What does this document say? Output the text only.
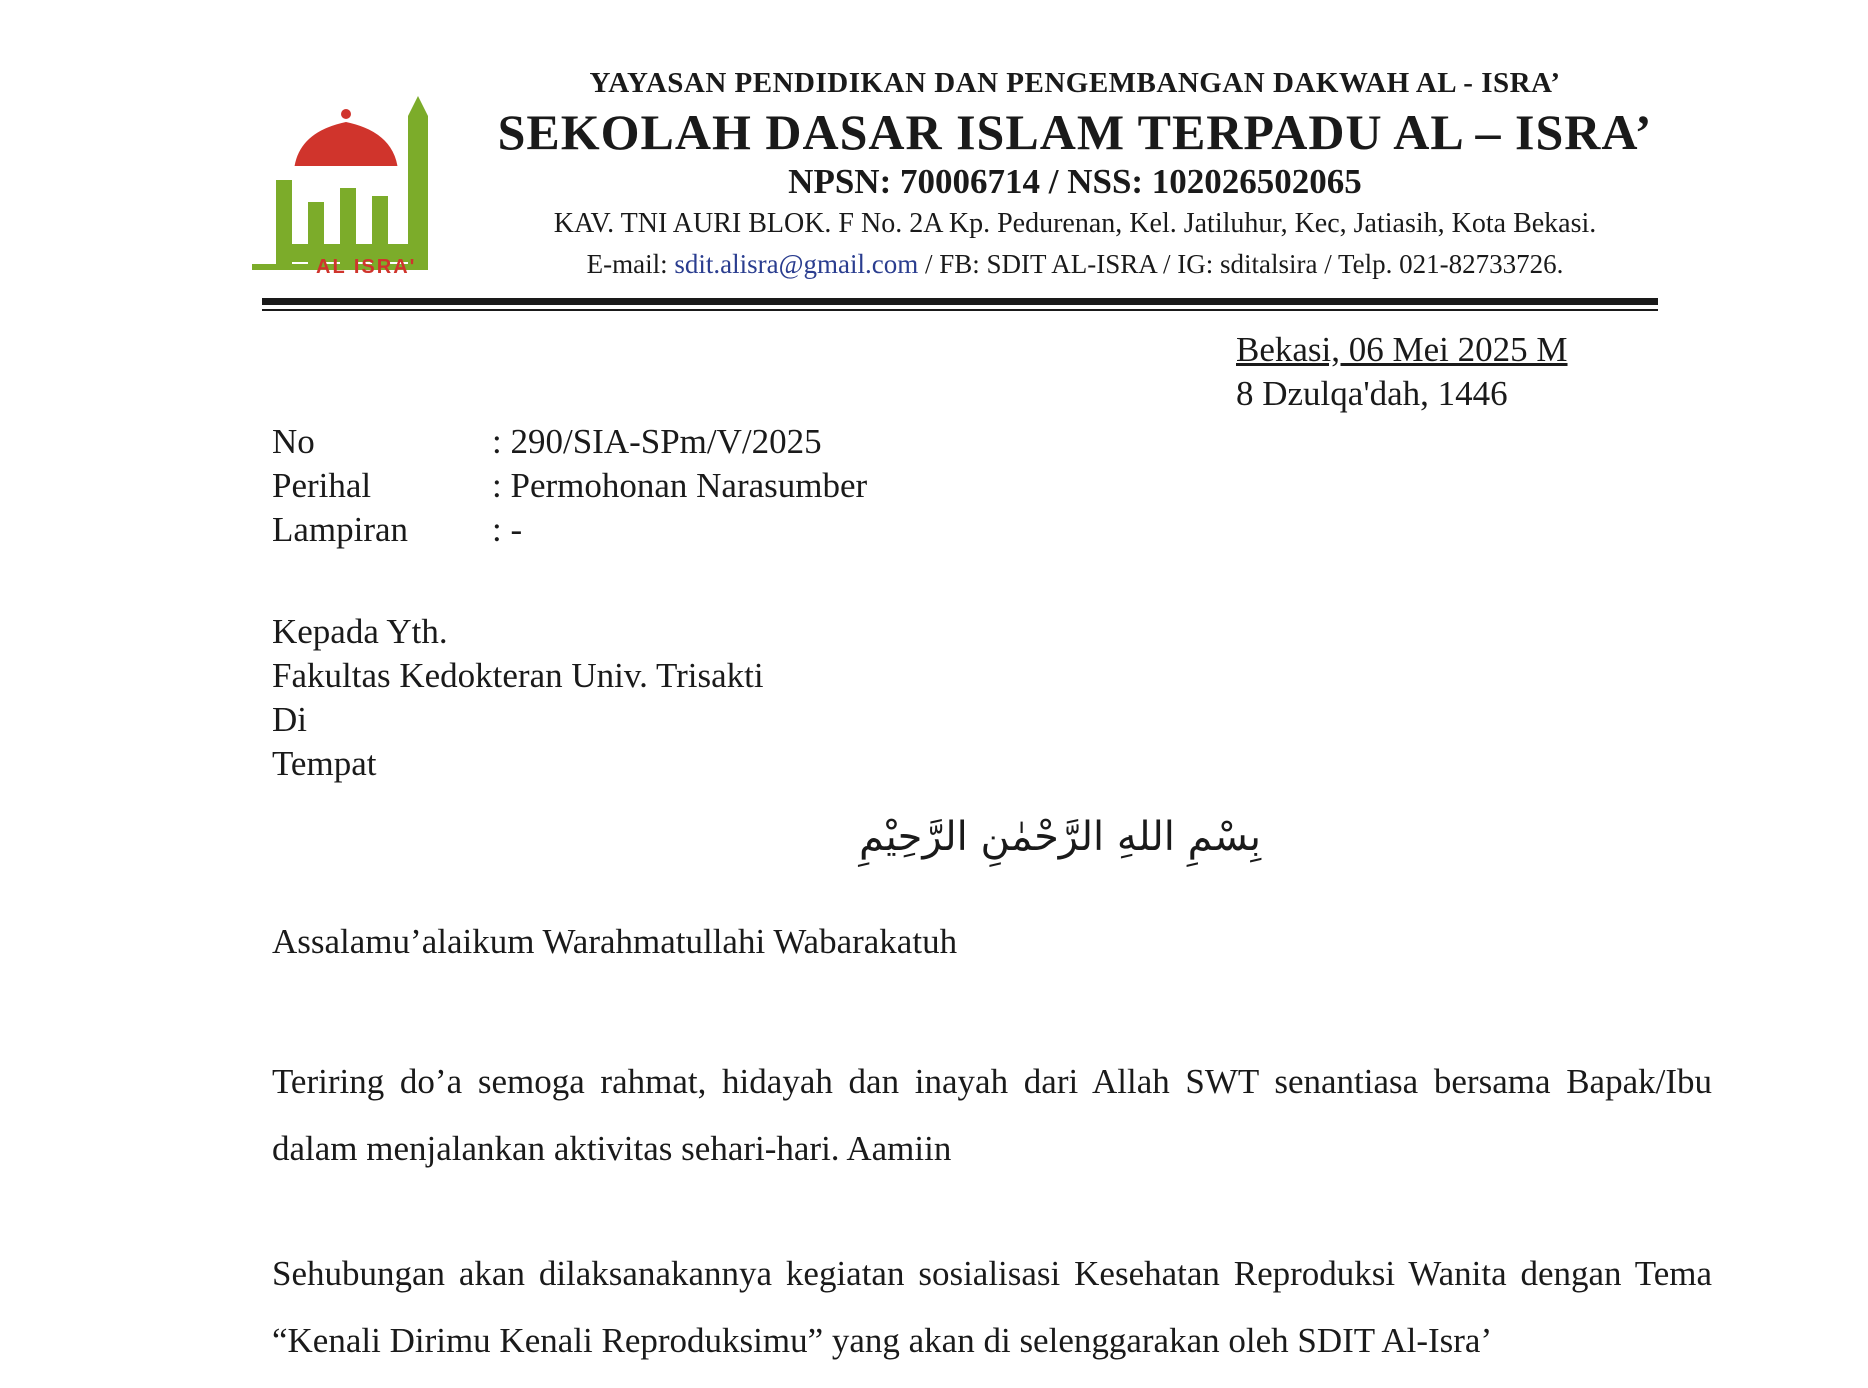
AL ISRA'
YAYASAN PENDIDIKAN DAN PENGEMBANGAN DAKWAH AL - ISRA’
SEKOLAH DASAR ISLAM TERPADU AL – ISRA’
NPSN: 70006714 / NSS: 102026502065
KAV. TNI AURI BLOK. F No. 2A Kp. Pedurenan, Kel. Jatiluhur, Kec, Jatiasih, Kota Bekasi.
E-mail: sdit.alisra@gmail.com / FB: SDIT AL-ISRA / IG: sditalsira / Telp. 021-82733726.
Bekasi, 06 Mei 2025 M
8 Dzulqa'dah, 1446
No	: 290/SIA-SPm/V/2025
Perihal	: Permohonan Narasumber
Lampiran	: -
Kepada Yth.
Fakultas Kedokteran Univ. Trisakti
Di
Tempat
بِسْمِ اللهِ الرَّحْمٰنِ الرَّحِيْمِ
Assalamu’alaikum Warahmatullahi Wabarakatuh
Teriring do’a semoga rahmat, hidayah dan inayah dari Allah SWT senantiasa bersama Bapak/Ibu dalam menjalankan aktivitas sehari-hari. Aamiin
Sehubungan akan dilaksanakannya kegiatan sosialisasi Kesehatan Reproduksi Wanita dengan Tema “Kenali Dirimu Kenali Reproduksimu” yang akan di selenggarakan oleh SDIT Al-Isra’
